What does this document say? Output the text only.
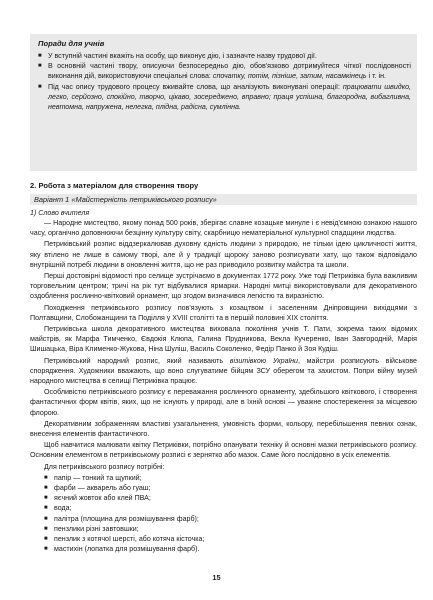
Поради для учнів
■ У вступній частині вкажіть на особу, що виконує дію, і зазначте назву трудової дії.
■ В основній частині твору, описуючи безпосередньо дію, обов'язково дотримуйтеся чіткої послідовності виконання дій, використовуючи спеціальні слова: спочатку, потім, пізніше, затим, насамкінець і т. ін.
■ Під час опису трудового процесу вживайте слова, що аналізують виконувані операції: працювати швидко, легко, серйозно, спокійно, творчо, цікаво, зосереджено, вправно; праця успішна, благородна, вибагливна, невтомна, напружена, нелегка, плідна, радісна, сумлінна.
2. Робота з матеріалом для створення твору
Варіант 1 «Майстерність петриківського розпису»
1) Слово вчителя

— Народне мистецтво, якому понад 500 років, зберігає славне козацьке минуле і є невід'ємною ознакою нашого часу, органічно доповнюючи безцінну культуру світу, скарбницю нематеріальної культурної спадщини людства.

Петриківський розпис віддзеркалював духовну єдність людини з природою, не тільки ідею цикличності життя, яку втілено не лише в самому творі, але й у традиції щороку заново розписувати хату, що також відповідало внутрішній потребі людини в оновленні життя, що не раз приводило розвитку майстра та школи.

Перші достовірні відомості про селище зустрічаємо в документах 1772 року. Уже тоді Петриківка була важливим торговельним центром; тричі на рік тут відбувалися ярмарки. Народні митці використовували для декоративного оздоблення рослинно-квітковий орнамент, що згодом визначився легкістю та виразністю.

Походження петриківського розпису пов'язують з козацтвом і заселенням Дніпровщини вихідцями з Полтавщини, Слобожанщини та Поділля у XVIII столітті та в першій половині XIX століття.

Петриківська школа декоративного мистецтва виховала покоління учнів Т. Пати, зокрема таких відомих майстрів, як Марфа Тимченко, Євдокія Клюпа, Галина Прудникова, Векла Кучеренко, Іван Завгородній, Марія Шишацька, Віра Клименко-Жукова, Ніна Шуліш, Василь Соколенко, Федір Панко й Зоя Кудіш.

Петриківський народний розпис, який називають візитівкою України, майстри розписують військове спорядження. Художники вважають, що воно слугуватиме бійцям ЗСУ оберегом та захистом. Попри війну музей народного мистецтва в селищі Петриківка працює.

Особливістю петриківського розпису є переважання рослинного орнаменту, здебільшого квіткового, і створення фантастичних форм квітів, яких, що не існують у природі, але в їхній основі — уважне спостереження за місцевою флорою.

Декоративним зображенням властиві узагальнення, умовність форми, кольору, перебільшення певних ознак, внесення елементів фантастичного.

Щоб навчитися малювати квітку Петриківки, потрібно опанувати техніку й основні мазки петриківського розпису. Основним елементом в петриківському розписі є зернятко або мазок. Саме його послідовно в усіх елементів.

Для петриківського розпису потрібні:

■ папір — тонкий та щупкий;
■ фарби — акварель або гуаш;
■ яєчний жовток або клей ПВА;
■ вода;
■ палітра (площина для розмішування фарб);
■ пензлики різні завтовшки;
■ пензлик з котячої шерсті, або котяча кісточка;
■ мастихін (лопатка для розмішування фарб).
15
